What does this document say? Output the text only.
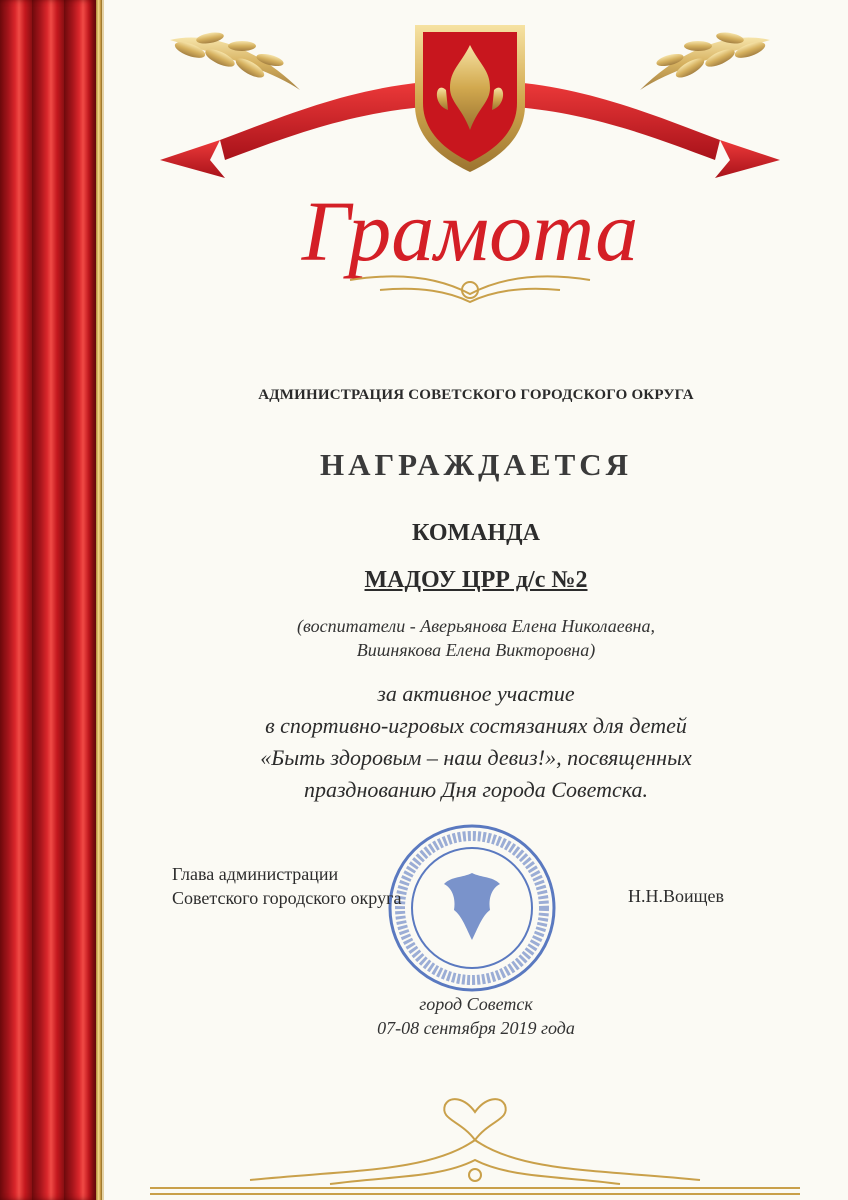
Грамота
АДМИНИСТРАЦИЯ СОВЕТСКОГО ГОРОДСКОГО ОКРУГА
НАГРАЖДАЕТСЯ
КОМАНДА
МАДОУ ЦРР д/с №2
(воспитатели - Аверьянова Елена Николаевна,
Вишнякова Елена Викторовна)
за активное участие
в спортивно-игровых состязаниях для детей
«Быть здоровым – наш девиз!», посвященных
празднованию Дня города Советска.
Глава администрации
Советского городского округа	Н.Н.Воищев
город Советск
07-08 сентября 2019 года
